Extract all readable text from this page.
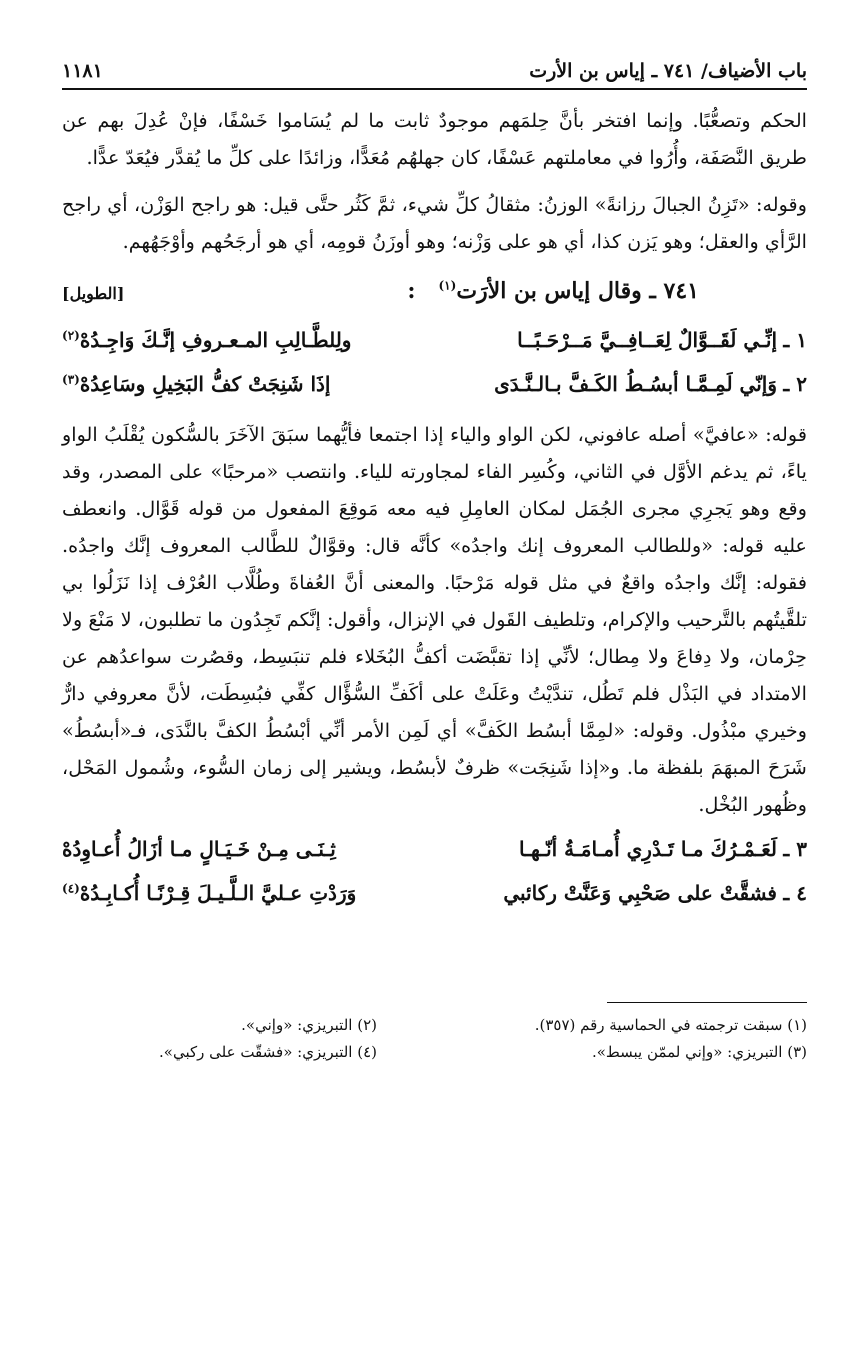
باب الأضياف/ ٧٤١ ـ إياس بن الأرت
١١٨١

الحكم وتصعُّبًا. وإنما افتخر بأنَّ حِلمَهم موجودٌ ثابت ما لم يُسَاموا خَسْفًا، فإنْ عُدِلَ بهم عن طريق النَّصَفَة، وأُرُوا في معاملتهم عَسْفًا، كان جهلهُم مُعَدًّا، وزائدًا على كلِّ ما يُقدَّر فيُعَدّ عدًّا.

وقوله: «تَزِنُ الجبالَ رزانةً» الوزنُ: مثقالُ كلِّ شيء، ثمَّ كَثُر حتَّى قيل: هو راجح الوَزْن، أي راجح الرَّأي والعقل؛ وهو يَزن كذا، أي هو على وَزْنه؛ وهو أوزَنُ قومِه، أي هو أرجَحُهم وأوْجَهُهم.

٧٤١ ـ وقال إياس بن الأرَت$^{(١)}$   :
[الطويل]
١ ـ
إنِّـي لَقَــوَّالٌ لِعَــافِــيَّ مَــرْحَـبًــا
ولِلطَّـالِبِ المـعـروفِ إنَّـكَ وَاجِـدُهْ$^{(٢)}$
٢ ـ
وَإنّي لَمِـمَّـا أبسُـطُ الكَـفَّ بـالـنَّـدَى
إذَا شَنِجَتْ كفُّ البَخِيلِ وسَاعِدُهْ$^{(٣)}$

قوله: «عافيَّ» أصله عافوني، لكن الواو والياء إذا اجتمعا فأيُّهما سبَقَ الآخَرَ بالسُّكون يُقْلَبُ الواو ياءً، ثم يدغم الأوَّل في الثاني، وكُسِر الفاء لمجاورته للياء. وانتصب «مرحبًا» على المصدر، وقد وقع وهو يَجرِي مجرى الجُمَل لمكان العامِلِ فيه معه مَوقِعَ المفعول من قوله قَوَّال. وانعطف عليه قوله: «وللطالب المعروف إنك واجدُه» كأنَّه قال: وقوَّالٌ للطَّالب المعروف إنَّك واجدُه. فقوله: إنَّك واجدُه واقعٌ في مثل قوله مَرْحبًا. والمعنى أنَّ العُفاةَ وطُلَّاب العُرْف إذا نَزَلُوا بي تلقَّيتُهم بالتَّرحيب والإكرام، وتلطيف القَول في الإنزال، وأقول: إنَّكم تَجِدُون ما تطلبون، لا مَنْعَ ولا حِرْمان، ولا دِفاعَ ولا مِطال؛ لأنِّي إذا تقبَّضَت أكفُّ البُخَلاء فلم تنبَسِط، وقصُرت سواعدُهم عن الامتداد في البَذْل فلم تَطُل، تندَّيْتُ وعَلَتْ على أكَفِّ السُّؤَّال كفِّي فبُسِطَت، لأنَّ معروفي دارٌّ وخيري مبْذُول. وقوله: «لمِمَّا أبسُط الكَفَّ» أي لَمِن الأمر أنِّي أبْسُطُ الكفَّ بالنَّدَى، فـ«أبسُطُ» شَرَحَ المبهَمَ بلفظة ما. و«إذا شَنِجَت» ظرفٌ لأبسُط، ويشير إلى زمان السُّوء، وشُمول المَحْل، وظُهور البُخْل.

٣ ـ
لَعَـمْـرُكَ مـا تَـدْرِي أُمـامَـةُ أنّـهـا
ثِـنَـى مِـنْ خَـيَـالٍ مـا أزَالُ أُعـاوِدُهْ
٤ ـ
فشقَّتْ على صَحْبِي وَعَنَّتْ ركائبي
وَرَدْتِ عـليَّ الـلَّـيـلَ قِـرْنًـا أُكـابِـدُهْ$^{(٤)}$
(١) سبقت ترجمته في الحماسية رقم (٣٥٧).
(٢) التبريزي: «وإني».
(٣) التبريزي: «وإني لممّن يبسط».
(٤) التبريزي: «فشقّت على ركبي».
